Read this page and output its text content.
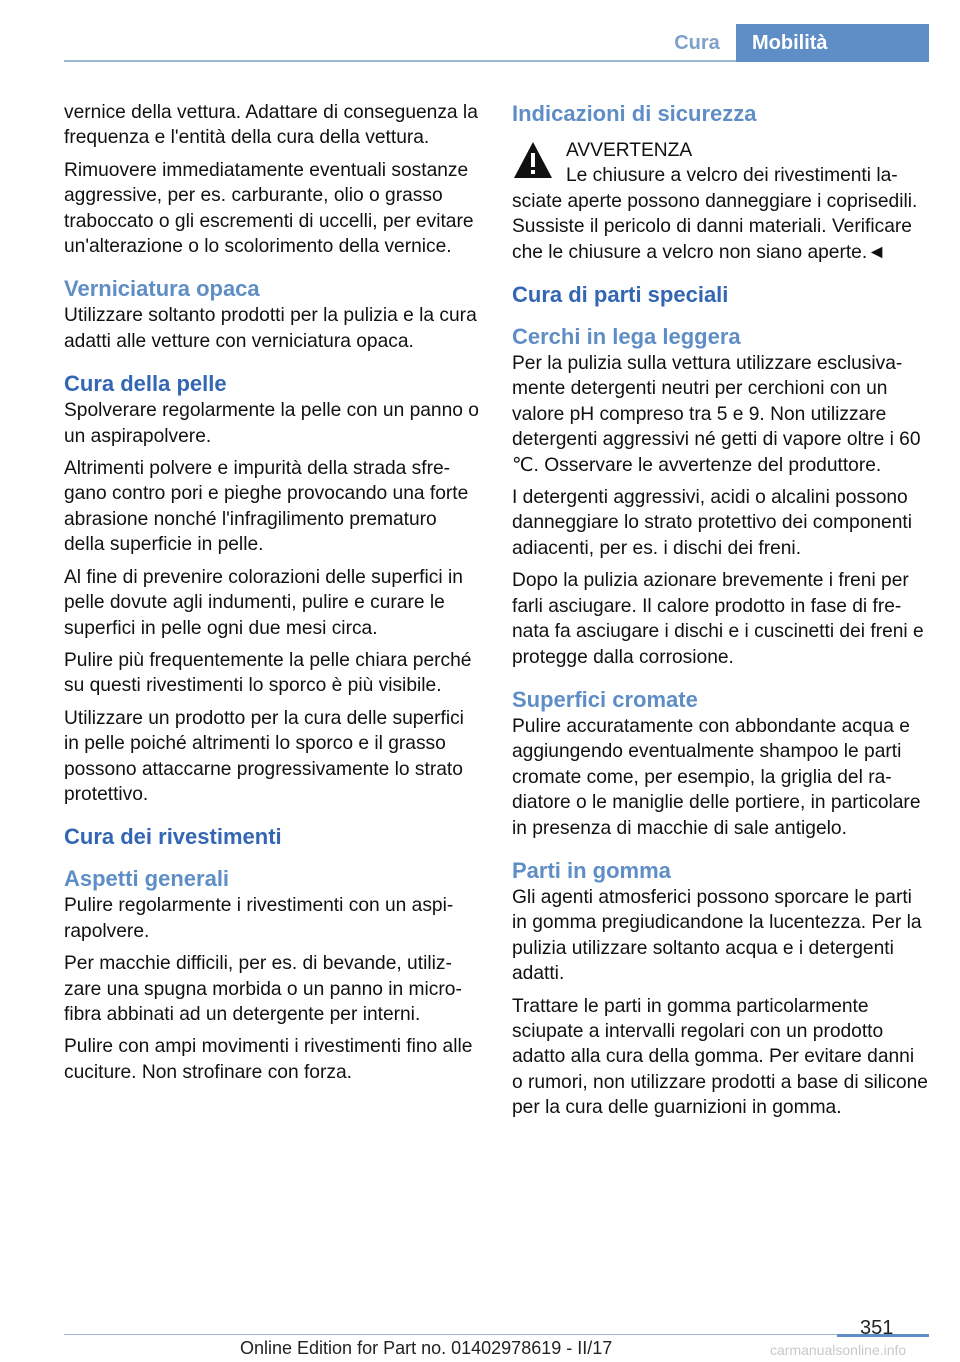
Cura	Mobilità

vernice della vettura. Adattare di conseguenza la frequenza e l'entità della cura della vettura.

Rimuovere immediatamente eventuali sostanze aggressive, per es. carburante, olio o grasso traboccato o gli escrementi di uccelli, per evitare un'alterazione o lo scolorimento della vernice.

Verniciatura opaca

Utilizzare soltanto prodotti per la pulizia e la cura adatti alle vetture con verniciatura opaca.

Cura della pelle

Spolverare regolarmente la pelle con un panno o un aspirapolvere.

Altrimenti polvere e impurità della strada sfregano contro pori e pieghe provocando una forte abrasione nonché l'infragilimento prematuro della superficie in pelle.

Al fine di prevenire colorazioni delle superfici in pelle dovute agli indumenti, pulire e curare le superfici in pelle ogni due mesi circa.

Pulire più frequentemente la pelle chiara perché su questi rivestimenti lo sporco è più visibile.

Utilizzare un prodotto per la cura delle superfici in pelle poiché altrimenti lo sporco e il grasso possono attaccarne progressivamente lo strato protettivo.

Cura dei rivestimenti
Aspetti generali

Pulire regolarmente i rivestimenti con un aspirapolvere.

Per macchie difficili, per es. di bevande, utilizzare una spugna morbida o un panno in microfibra abbinati ad un detergente per interni.

Pulire con ampi movimenti i rivestimenti fino alle cuciture. Non strofinare con forza.

Indicazioni di sicurezza

AVVERTENZA

Le chiusure a velcro dei rivestimenti lasciate aperte possono danneggiare i coprisedili. Sussiste il pericolo di danni materiali. Verificare che le chiusure a velcro non siano aperte.◄

Cura di parti speciali
Cerchi in lega leggera

Per la pulizia sulla vettura utilizzare esclusivamente detergenti neutri per cerchioni con un valore pH compreso tra 5 e 9. Non utilizzare detergenti aggressivi né getti di vapore oltre i 60 ℃. Osservare le avvertenze del produttore.

I detergenti aggressivi, acidi o alcalini possono danneggiare lo strato protettivo dei componenti adiacenti, per es. i dischi dei freni.

Dopo la pulizia azionare brevemente i freni per farli asciugare. Il calore prodotto in fase di frenata fa asciugare i dischi e i cuscinetti dei freni e protegge dalla corrosione.

Superfici cromate

Pulire accuratamente con abbondante acqua e aggiungendo eventualmente shampoo le parti cromate come, per esempio, la griglia del radiatore o le maniglie delle portiere, in particolare in presenza di macchie di sale antigelo.

Parti in gomma

Gli agenti atmosferici possono sporcare le parti in gomma pregiudicandone la lucentezza. Per la pulizia utilizzare soltanto acqua e i detergenti adatti.

Trattare le parti in gomma particolarmente sciupate a intervalli regolari con un prodotto adatto alla cura della gomma. Per evitare danni o rumori, non utilizzare prodotti a base di silicone per la cura delle guarnizioni in gomma.

351
Online Edition for Part no. 01402978619 - II/17	carmanualsonline.info
